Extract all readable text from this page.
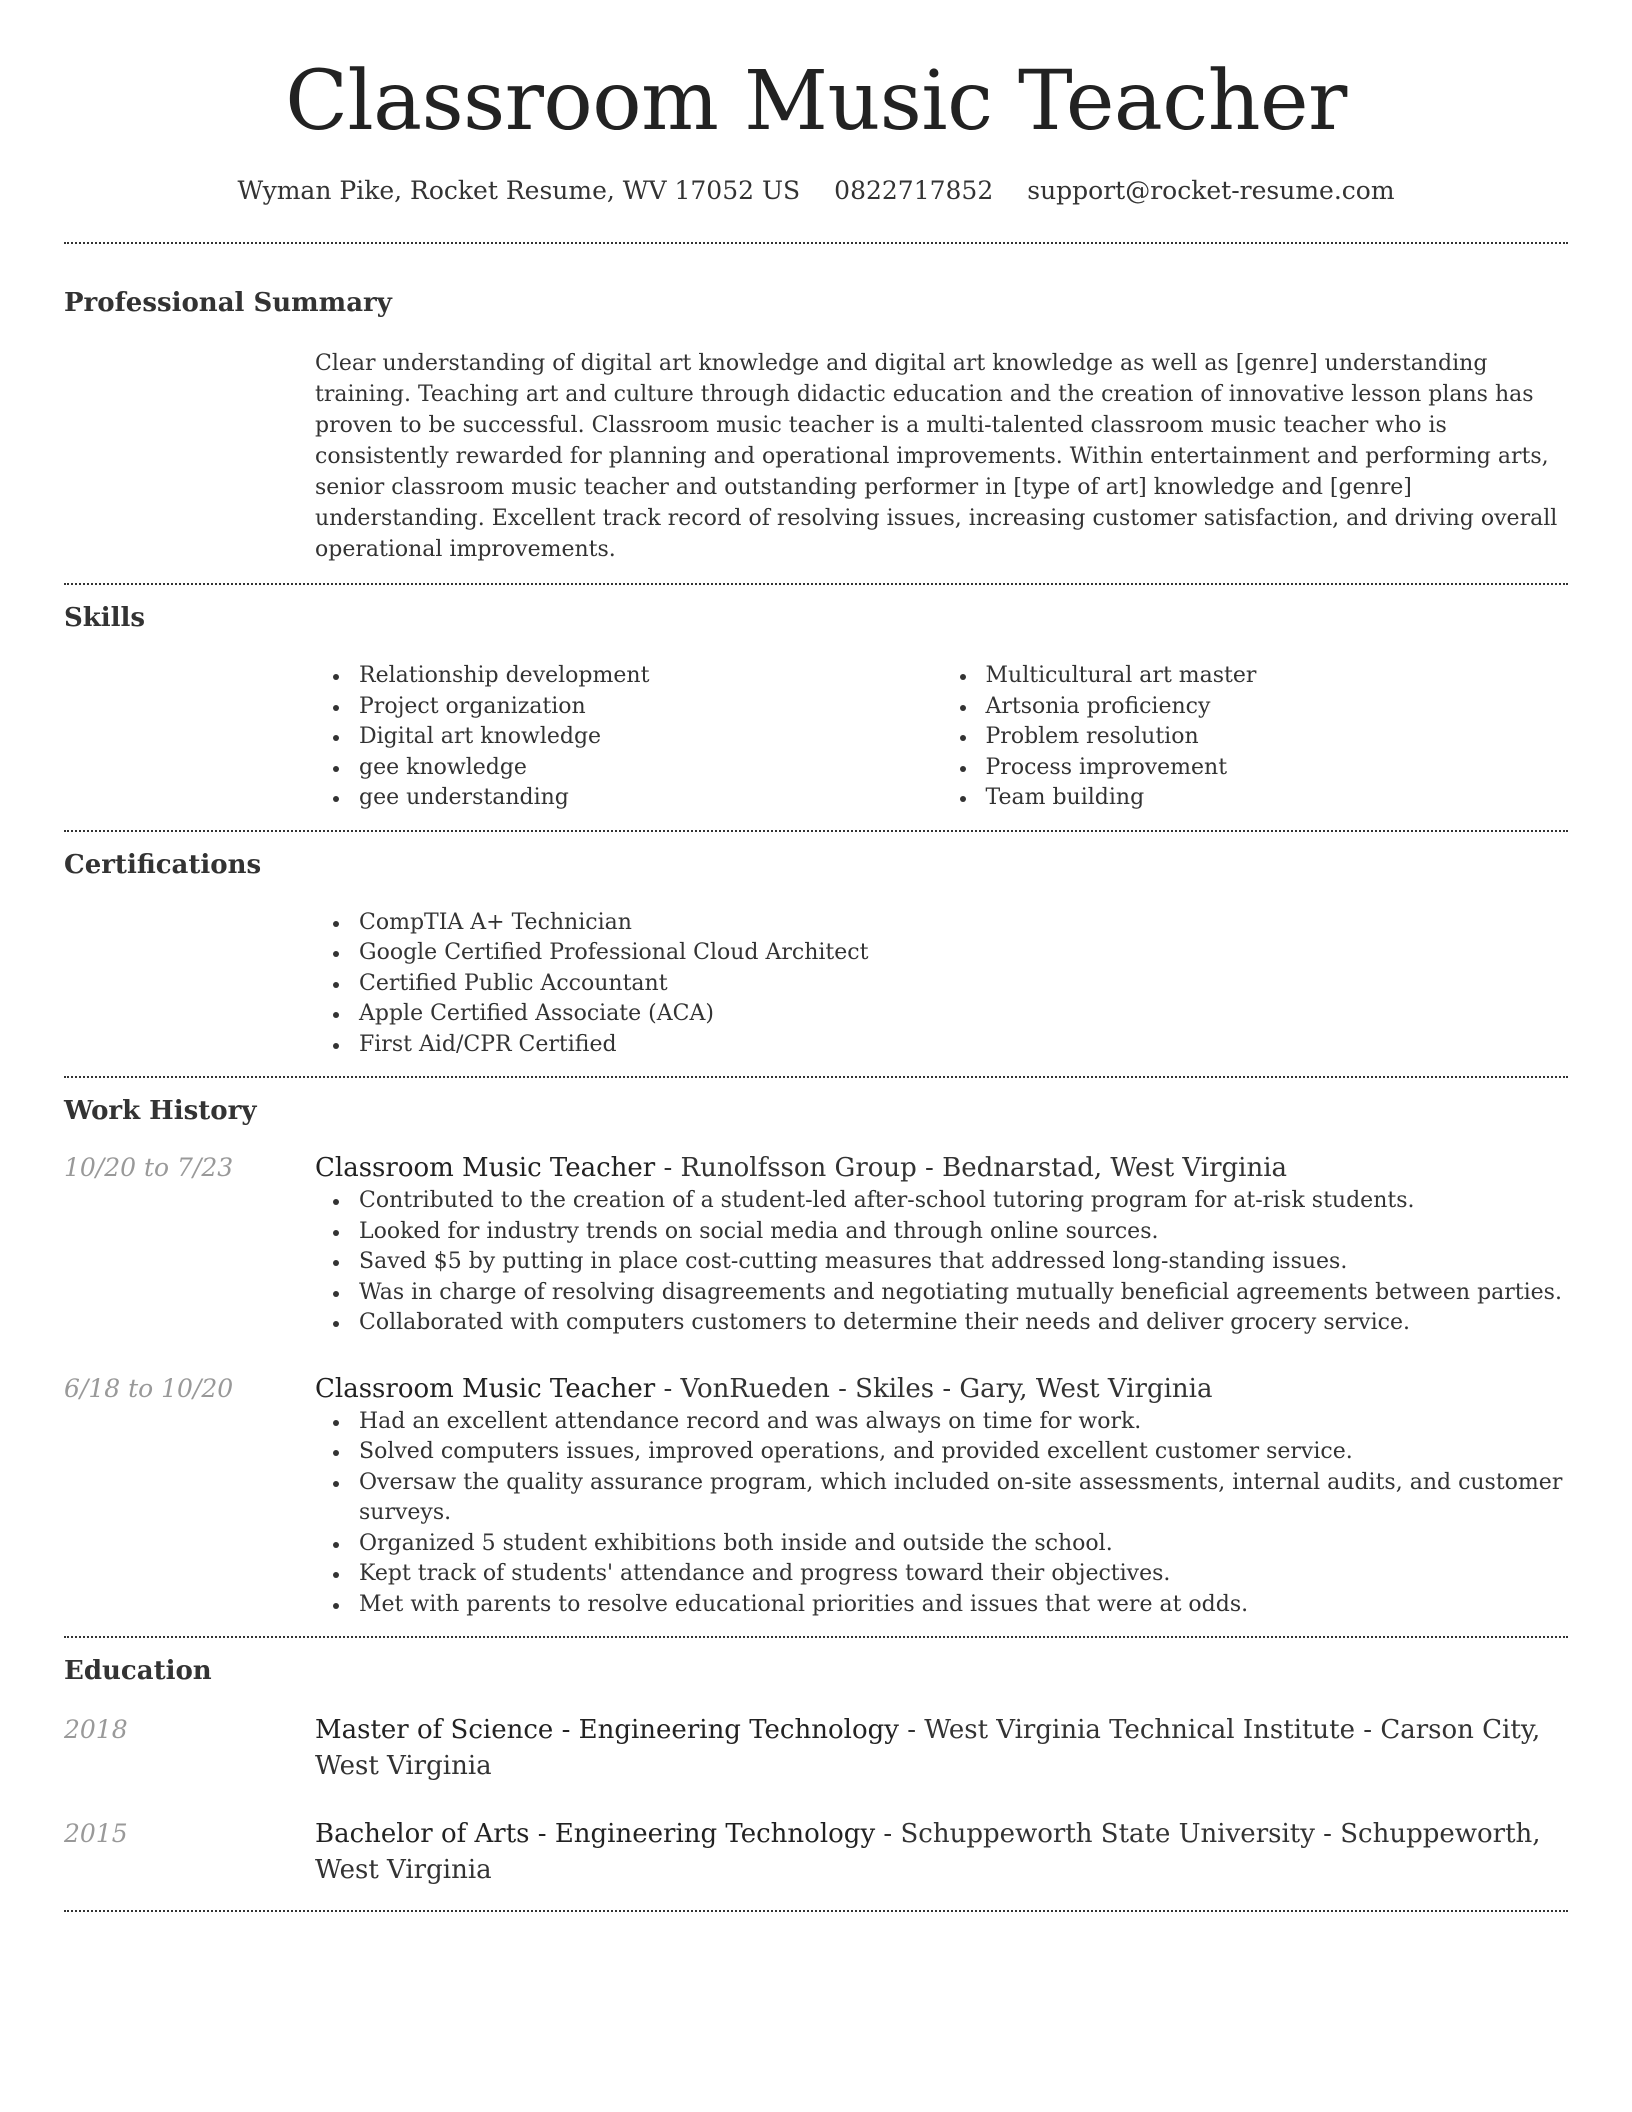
Classroom Music Teacher
Wyman Pike, Rocket Resume, WV 17052 US 0822717852 support@rocket-resume.com
Professional Summary
Clear understanding of digital art knowledge and digital art knowledge as well as [genre] understanding training. Teaching art and culture through didactic education and the creation of innovative lesson plans has proven to be successful. Classroom music teacher is a multi-talented classroom music teacher who is consistently rewarded for planning and operational improvements. Within entertainment and performing arts, senior classroom music teacher and outstanding performer in [type of art] knowledge and [genre] understanding. Excellent track record of resolving issues, increasing customer satisfaction, and driving overall operational improvements.
Skills
Relationship development
Project organization
Digital art knowledge
gee knowledge
gee understanding
Multicultural art master
Artsonia proficiency
Problem resolution
Process improvement
Team building
Certifications
CompTIA A+ Technician
Google Certified Professional Cloud Architect
Certified Public Accountant
Apple Certified Associate (ACA)
First Aid/CPR Certified
Work History
10/20 to 7/23	Classroom Music Teacher - Runolfsson Group - Bednarstad, West Virginia
Contributed to the creation of a student-led after-school tutoring program for at-risk students.
Looked for industry trends on social media and through online sources.
Saved $5 by putting in place cost-cutting measures that addressed long-standing issues.
Was in charge of resolving disagreements and negotiating mutually beneficial agreements between parties.
Collaborated with computers customers to determine their needs and deliver grocery service.
6/18 to 10/20	Classroom Music Teacher - VonRueden - Skiles - Gary, West Virginia
Had an excellent attendance record and was always on time for work.
Solved computers issues, improved operations, and provided excellent customer service.
Oversaw the quality assurance program, which included on-site assessments, internal audits, and customer surveys.
Organized 5 student exhibitions both inside and outside the school.
Kept track of students' attendance and progress toward their objectives.
Met with parents to resolve educational priorities and issues that were at odds.
Education
2018	Master of Science - Engineering Technology - West Virginia Technical Institute - Carson City, West Virginia
2015	Bachelor of Arts - Engineering Technology - Schuppeworth State University - Schuppeworth, West Virginia
